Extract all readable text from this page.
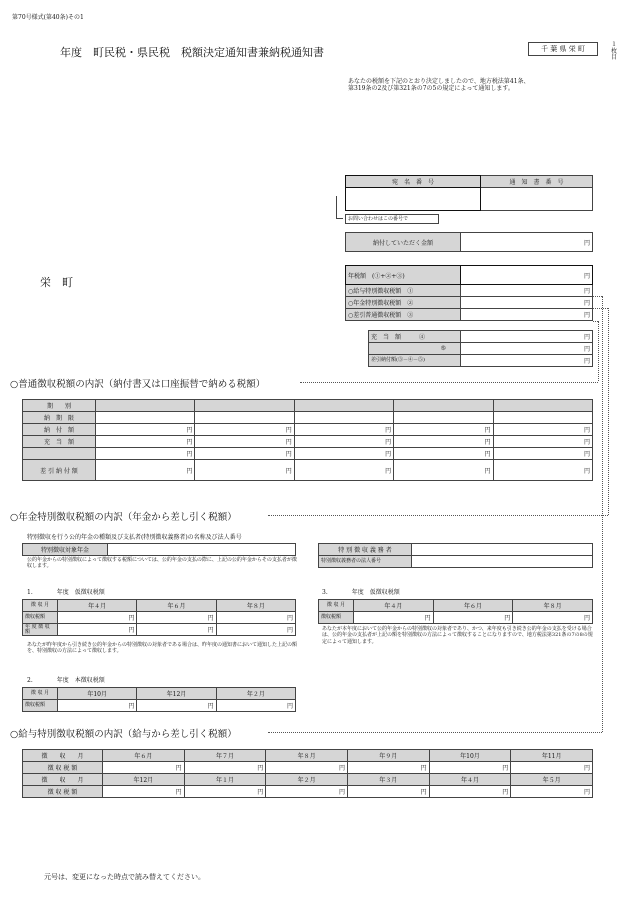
第70号様式(第40条)その1
年度　町民税・県民税　税額決定通知書兼納税通知書	千 葉 県 栄 町
１枚目
あなたの税額を下記のとおり決定しましたので、地方税法第41条、
第319条の2及び第321条の7の5の規定によって通知します。
宛　名　番　号	通　知　書　番　号

お問い合わせはこの番号で
納付していただく金額	円
栄　町	年税額　(①+②+③)	円
○給与特別徴収税額　①	円
○年金特別徴収税額　②	円
○差引普通徴収税額　③	円
充　当　額　　　④	円
⑤	円
差引納付額(③－④－⑤)	円
○普通徴収税額の内訳（納付書又は口座振替で納める税額）
期　　別					
納　期　限					
納　付　額	円	円	円	円	円
充　当　額	円	円	円	円	円
	円	円	円	円	円
差 引 納 付 額	円	円	円	円	円
○年金特別徴収税額の内訳（年金から差し引く税額）
特別徴収を行う公的年金の種類及び支払者(特別徴収義務者)の名称及び法人番号
特別徴収対象年金	
公的年金からの特別徴収によって徴収する税額については、公的年金の支払の際に、上記の公的年金からその支払者が徴収します。
特 別 徴 収 義 務 者	
特別徴収義務者の法人番号	
1.　　　　年度　仮徴収税額
徴 収 月	年４月	年６月	年８月
徴収税額	円	円	円
年 度 徴 収 額	円	円	円
あなたが昨年度から引き続き公的年金からの特別徴収の対象者である場合は、昨年度の通知書において通知した上記の額を、特別徴収の方法によって徴収します。
2.　　　　年度　本徴収税額
徴 収 月	年10月	年12月	年２月
徴収税額	円	円	円
3.　　　　年度　仮徴収税額
徴 収 月	年４月	年６月	年８月
徴収税額	円	円	円
あなたが本年度において公的年金からの特別徴収の対象者であり、かつ、来年度も引き続き公的年金の支払を受ける場合は、公的年金の支払者が上記の額を特別徴収の方法によって徴収することになりますので、地方税法第321条の7の8の規定によって通知します。
○給与特別徴収税額の内訳（給与から差し引く税額）
徴　　収　　月	年６月	年７月	年８月	年９月	年10月	年11月
徴 収 税 額	円	円	円	円	円	円
徴　　収　　月	年12月	年１月	年２月	年３月	年４月	年５月
徴 収 税 額	円	円	円	円	円	円
元号は、変更になった時点で読み替えてください。
